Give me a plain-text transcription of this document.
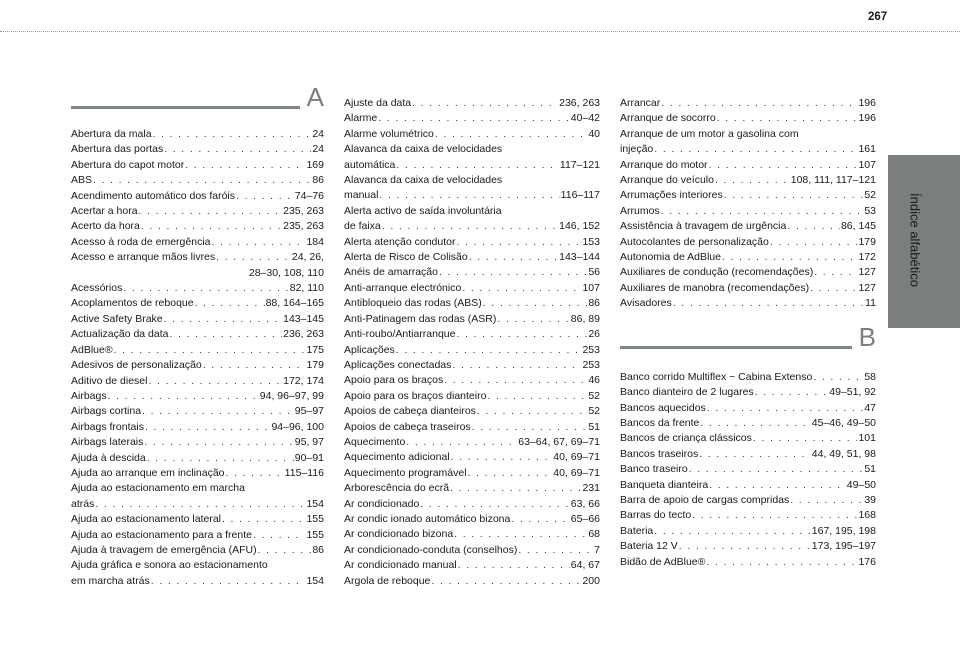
267
Índice alfabético
A
Abertura da mala . . .	24
Abertura das portas . . .	24
Abertura do capot motor . . .	169
ABS . . .	86
Acendimento automático dos faróis . . .	74–76
Acertar a hora . . .	235, 263
Acerto da hora . . .	235, 263
Acesso à roda de emergência . . .	184
Acesso e arranque mãos livres . . .	24, 26,
28–30, 108, 110
Acessórios . . .	82, 110
Acoplamentos de reboque . . .	88, 164–165
Active Safety Brake . . .	143–145
Actualização da data . . .	236, 263
AdBlue® . . .	175
Adesivos de personalização . . .	179
Aditivo de diesel . . .	172, 174
Airbags . . .	94, 96–97, 99
Airbags cortina . . .	95–97
Airbags frontais . . .	94–96, 100
Airbags laterais . . .	95, 97
Ajuda à descida . . .	90–91
Ajuda ao arranque em inclinação . . .	115–116
Ajuda ao estacionamento em marcha
atrás . . .	154
Ajuda ao estacionamento lateral . . .	155
Ajuda ao estacionamento para a frente . . .	155
Ajuda à travagem de emergência (AFU) . . .	86
Ajuda gráfica e sonora ao estacionamento
em marcha atrás . . .	154
Ajuste da data . . .	236, 263
Alarme . . .	40–42
Alarme volumétrico . . .	40
Alavanca da caixa de velocidades
automática . . .	117–121
Alavanca da caixa de velocidades
manual . . .	116–117
Alerta activo de saída involuntária
de faixa . . .	146, 152
Alerta atenção condutor . . .	153
Alerta de Risco de Colisão . . .	143–144
Anéis de amarração . . .	56
Anti-arranque electrónico . . .	107
Antibloqueio das rodas (ABS) . . .	86
Anti-Patinagem das rodas (ASR) . . .	86, 89
Anti-roubo/Antiarranque . . .	26
Aplicações . . .	253
Aplicações conectadas . . .	253
Apoio para os braços . . .	46
Apoio para os braços dianteiro . . .	52
Apoios de cabeça dianteiros . . .	52
Apoios de cabeça traseiros . . .	51
Aquecimento . . .	63–64, 67, 69–71
Aquecimento adicional . . .	40, 69–71
Aquecimento programável . . .	40, 69–71
Arborescência do ecrã . . .	231
Ar condicionado . . .	63, 66
Ar condic ionado automático bizona . . .	65–66
Ar condicionado bizona . . .	68
Ar condicionado-conduta (conselhos) . . .	7
Ar condicionado manual . . .	64, 67
Argola de reboque . . .	200
Arrancar . . .	196
Arranque de socorro . . .	196
Arranque de um motor a gasolina com
injeção . . .	161
Arranque do motor . . .	107
Arranque do veículo . . .	108, 111, 117–121
Arrumações interiores . . .	52
Arrumos . . .	53
Assistência à travagem de urgência . . .	86, 145
Autocolantes de personalização . . .	179
Autonomia de AdBlue . . .	172
Auxiliares de condução (recomendações) . . .	127
Auxiliares de manobra (recomendações) . . .	127
Avisadores . . .	11
B
Banco corrido Multiflex ~ Cabina Extenso . . .	58
Banco dianteiro de 2 lugares . . .	49–51, 92
Bancos aquecidos . . .	47
Bancos da frente . . .	45–46, 49–50
Bancos de criança clássicos . . .	101
Bancos traseiros . . .	44, 49, 51, 98
Banco traseiro . . .	51
Banqueta dianteira . . .	49–50
Barra de apoio de cargas compridas . . .	39
Barras do tecto . . .	168
Bateria . . .	167, 195, 198
Bateria 12 V . . .	173, 195–197
Bidão de AdBlue® . . .	176
